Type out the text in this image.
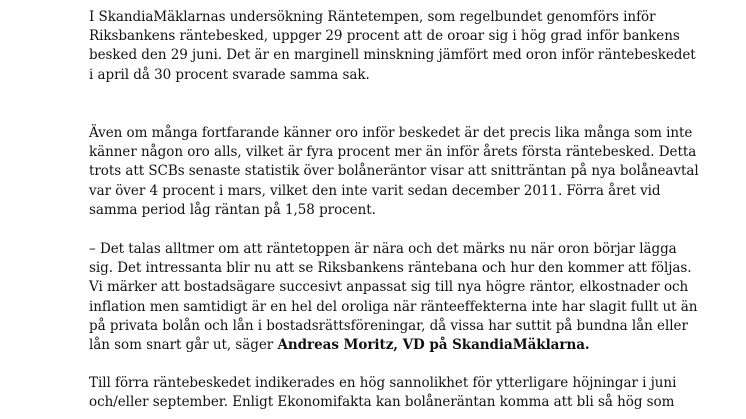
I SkandiaMäklarnas undersökning Räntetempen, som regelbundet genomförs inför
Riksbankens räntebesked, uppger 29 procent att de oroar sig i hög grad inför bankens
besked den 29 juni. Det är en marginell minskning jämfört med oron inför räntebeskedet
i april då 30 procent svarade samma sak.

Även om många fortfarande känner oro inför beskedet är det precis lika många som inte
känner någon oro alls, vilket är fyra procent mer än inför årets första räntebesked. Detta
trots att SCBs senaste statistik över bolåneräntor visar att snitträntan på nya bolåneavtal
var över 4 procent i mars, vilket den inte varit sedan december 2011. Förra året vid
samma period låg räntan på 1,58 procent.

– Det talas alltmer om att räntetoppen är nära och det märks nu när oron börjar lägga
sig. Det intressanta blir nu att se Riksbankens räntebana och hur den kommer att följas.
Vi märker att bostadsägare succesivt anpassat sig till nya högre räntor, elkostnader och
inflation men samtidigt är en hel del oroliga när ränteeffekterna inte har slagit fullt ut än
på privata bolån och lån i bostadsrättsföreningar, då vissa har suttit på bundna lån eller
lån som snart går ut, säger Andreas Moritz, VD på SkandiaMäklarna.

Till förra räntebeskedet indikerades en hög sannolikhet för ytterligare höjningar i juni
och/eller september. Enligt Ekonomifakta kan bolåneräntan komma att bli så hög som
